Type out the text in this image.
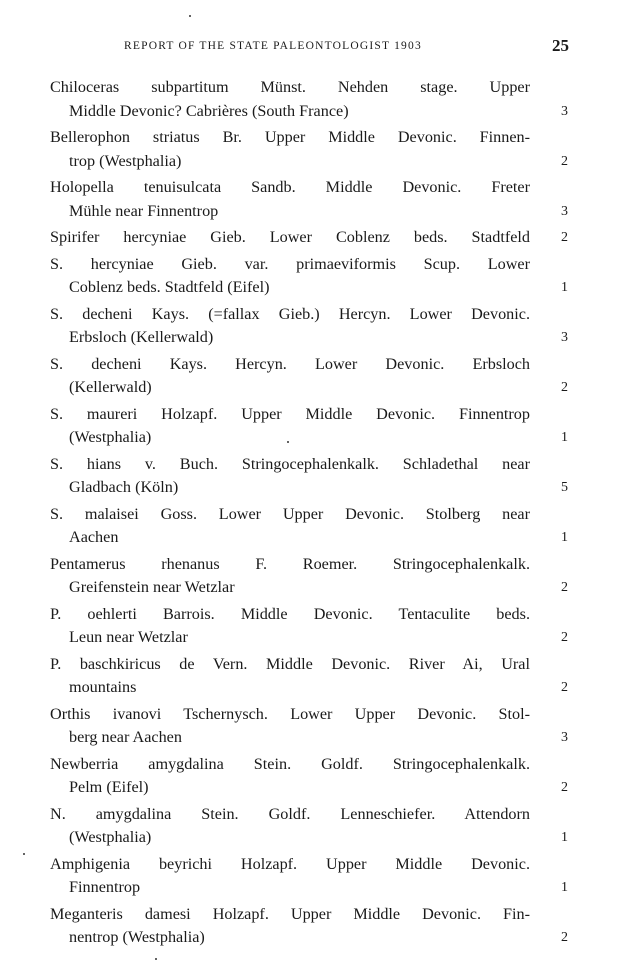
REPORT OF THE STATE PALEONTOLOGIST 1903	25
Chiloceras subpartitum Münst. Nehden stage. Upper
Middle Devonic? Cabrières (South France)	3
Bellerophon striatus Br. Upper Middle Devonic. Finnen-
trop (Westphalia)	2
Holopella tenuisulcata Sandb. Middle Devonic. Freter
Mühle near Finnentrop	3
Spirifer hercyniae Gieb. Lower Coblenz beds. Stadtfeld 2
S. hercyniae Gieb. var. primaeviformis Scup. Lower
Coblenz beds. Stadtfeld (Eifel)	1
S. decheni Kays. (=fallax Gieb.) Hercyn. Lower Devonic.
Erbsloch (Kellerwald)	3
S. decheni Kays. Hercyn. Lower Devonic. Erbsloch
(Kellerwald)	2
S. maureri Holzapf. Upper Middle Devonic. Finnentrop
(Westphalia)	1
S. hians v. Buch. Stringocephalenkalk. Schladethal near
Gladbach (Köln)	5
S. malaisei Goss. Lower Upper Devonic. Stolberg near
Aachen	1
Pentamerus rhenanus F. Roemer. Stringocephalenkalk.
Greifenstein near Wetzlar	2
P. oehlerti Barrois. Middle Devonic. Tentaculite beds.
Leun near Wetzlar	2
P. baschkiricus de Vern. Middle Devonic. River Ai, Ural
mountains	2
Orthis ivanovi Tschernysch. Lower Upper Devonic. Stol-
berg near Aachen	3
Newberria amygdalina Stein. Goldf. Stringocephalenkalk.
Pelm (Eifel)	2
N. amygdalina Stein. Goldf. Lenneschiefer. Attendorn
(Westphalia)	1
Amphigenia beyrichi Holzapf. Upper Middle Devonic.
Finnentrop	1
Meganteris damesi Holzapf. Upper Middle Devonic. Fin-
nentrop (Westphalia)	2
